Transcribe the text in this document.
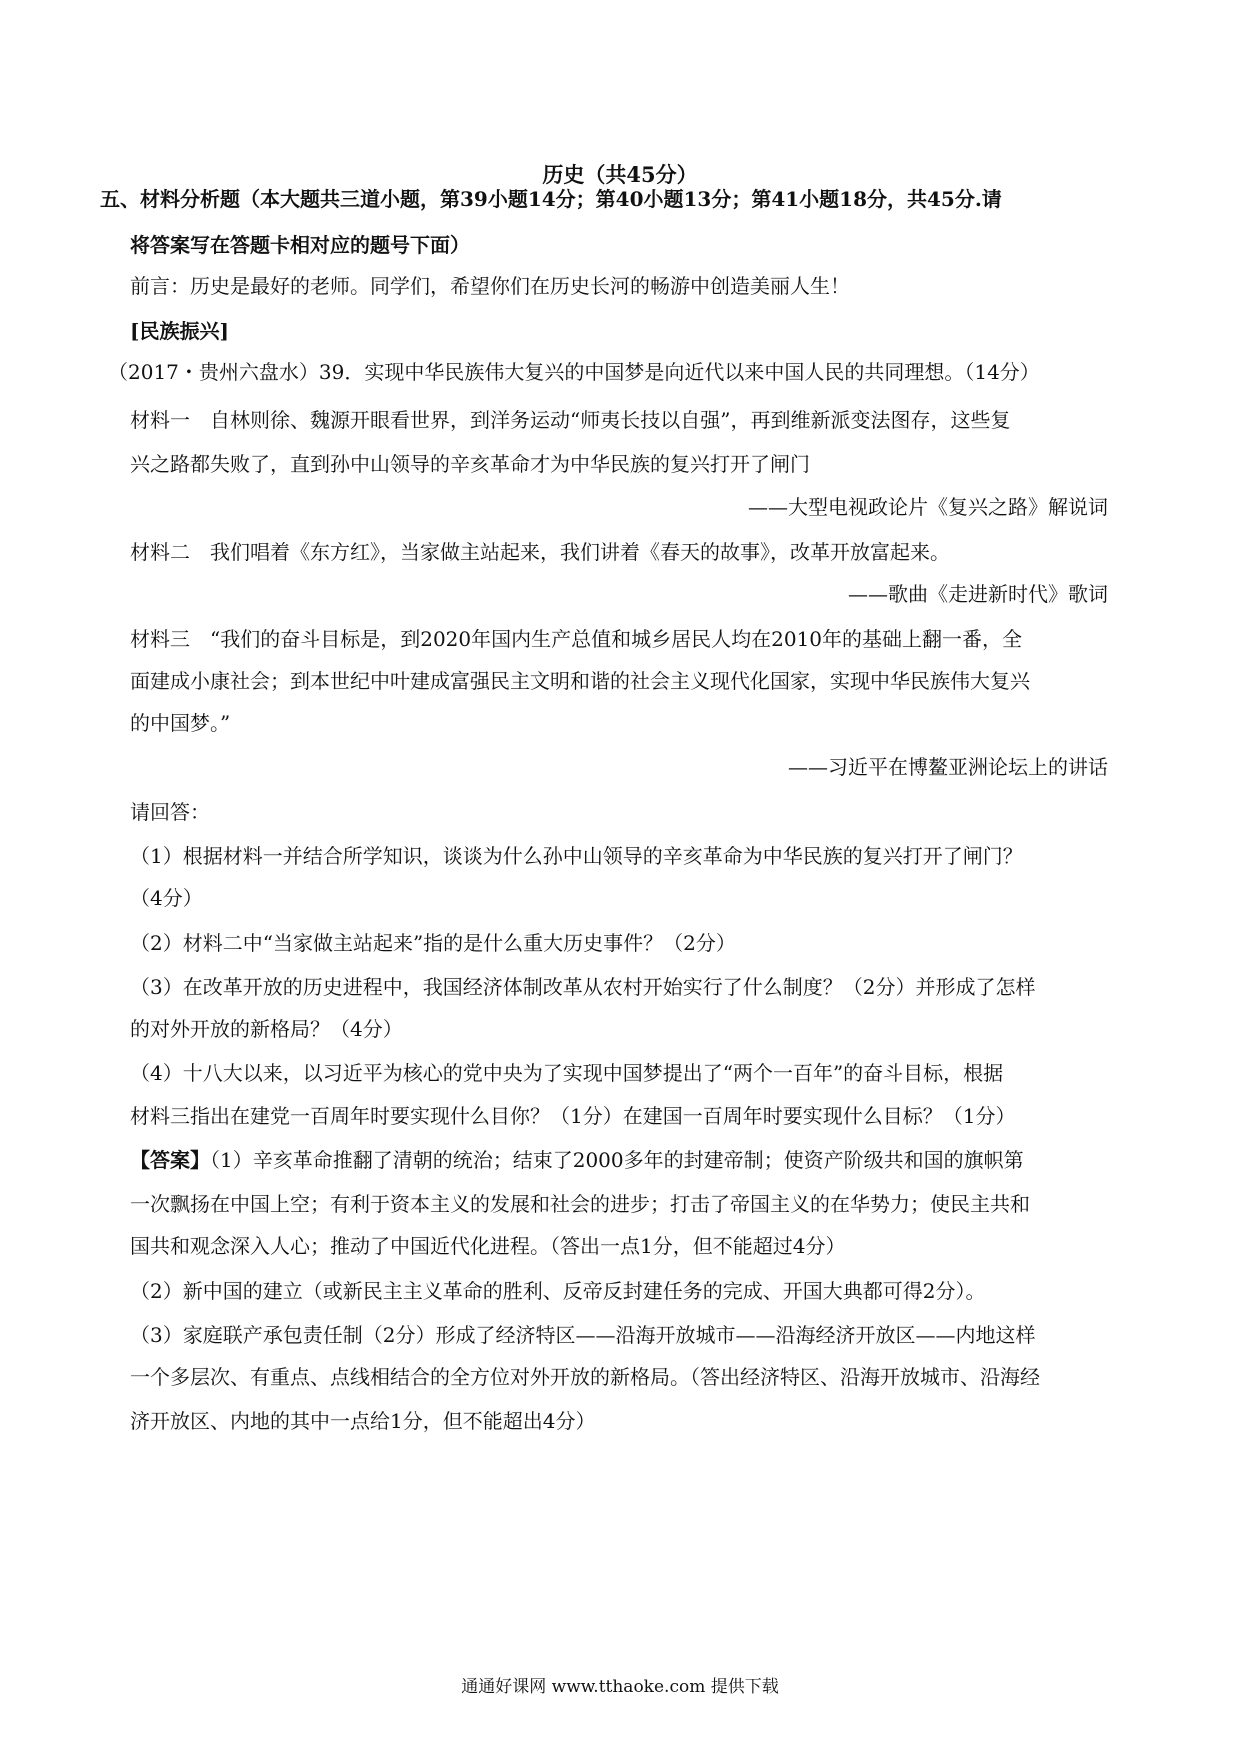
历史（共45分）
五、材料分析题（本大题共三道小题，第39小题14分；第40小题13分；第41小题18分，共45分.请
将答案写在答题卡相对应的题号下面）
前言：历史是最好的老师。同学们，希望你们在历史长河的畅游中创造美丽人生！
[民族振兴]
（2017・贵州六盘水）39．实现中华民族伟大复兴的中国梦是向近代以来中国人民的共同理想。（14分）
材料一　自林则徐、魏源开眼看世界，到洋务运动“师夷长技以自强”，再到维新派变法图存，这些复
兴之路都失败了，直到孙中山领导的辛亥革命才为中华民族的复兴打开了闸门
——大型电视政论片《复兴之路》解说词
材料二　我们唱着《东方红》，当家做主站起来，我们讲着《春天的故事》，改革开放富起来。
——歌曲《走进新时代》歌词
材料三　“我们的奋斗目标是，到2020年国内生产总值和城乡居民人均在2010年的基础上翻一番，全
面建成小康社会；到本世纪中叶建成富强民主文明和谐的社会主义现代化国家，实现中华民族伟大复兴
的中国梦。”
——习近平在博鳌亚洲论坛上的讲话
请回答：
（1）根据材料一并结合所学知识，谈谈为什么孙中山领导的辛亥革命为中华民族的复兴打开了闸门？
（4分）
（2）材料二中“当家做主站起来”指的是什么重大历史事件？（2分）
（3）在改革开放的历史进程中，我国经济体制改革从农村开始实行了什么制度？（2分）并形成了怎样
的对外开放的新格局？（4分）
（4）十八大以来，以习近平为核心的党中央为了实现中国梦提出了“两个一百年”的奋斗目标，根据
材料三指出在建党一百周年时要实现什么目你？（1分）在建国一百周年时要实现什么目标？（1分）
【答案】（1）辛亥革命推翻了清朝的统治；结束了2000多年的封建帝制；使资产阶级共和国的旗帜第
一次飘扬在中国上空；有利于资本主义的发展和社会的进步；打击了帝国主义的在华势力；使民主共和
国共和观念深入人心；推动了中国近代化进程。（答出一点1分，但不能超过4分）
（2）新中国的建立（或新民主主义革命的胜利、反帝反封建任务的完成、开国大典都可得2分）。
（3）家庭联产承包责任制（2分）形成了经济特区——沿海开放城市——沿海经济开放区——内地这样
一个多层次、有重点、点线相结合的全方位对外开放的新格局。（答出经济特区、沿海开放城市、沿海经
济开放区、内地的其中一点给1分，但不能超出4分）
通通好课网 www.tthaoke.com 提供下载
